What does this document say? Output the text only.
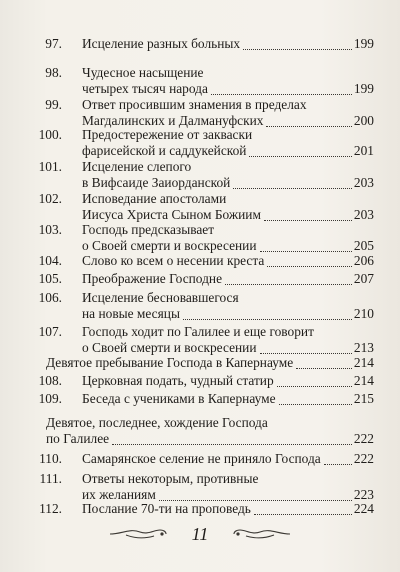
97. Исцеление разных больных	199
98. Чудесное насыщение
четырех тысяч народа	199
99. Ответ просившим знамения в пределах
Магдалинских и Далмануфских	200
100. Предостережение от закваски
фарисейской и саддукейской	201
101. Исцеление слепого
в Вифсаиде Заиорданской	203
102. Исповедание апостолами
Иисуса Христа Сыном Божиим	203
103. Господь предсказывает
о Своей смерти и воскресении	205
104. Слово ко всем о несении креста	206
105. Преображение Господне	207
106. Исцеление бесновавшегося
на новые месяцы	210
107. Господь ходит по Галилее и еще говорит
о Своей смерти и воскресении	213
Девятое пребывание Господа в Капернауме	214
108. Церковная подать, чудный статир	214
109. Беседа с учениками в Капернауме	215
Девятое, последнее, хождение Господа
по Галилее	222
110. Самарянское селение не приняло Господа	222
111. Ответы некоторым, противные
их желаниям	223
112. Послание 70-ти на проповедь	224
11
